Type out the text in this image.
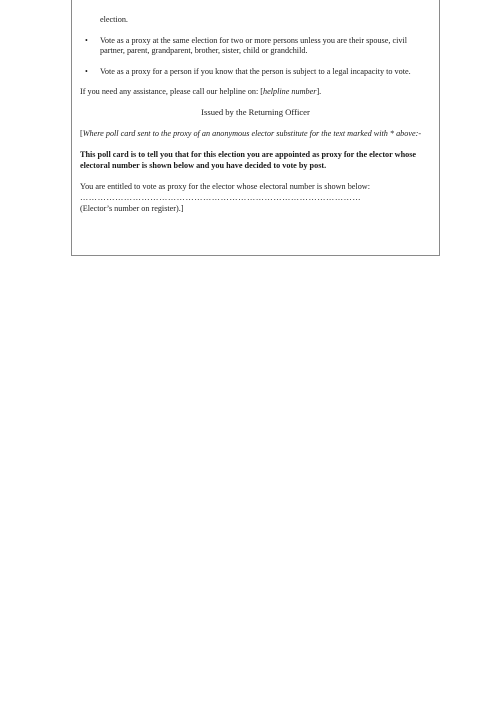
election.

• Vote as a proxy at the same election for two or more persons unless you are their spouse, civil partner, parent, grandparent, brother, sister, child or grandchild.
• Vote as a proxy for a person if you know that the person is subject to a legal incapacity to vote.

If you need any assistance, please call our helpline on: [helpline number].

Issued by the Returning Officer

[Where poll card sent to the proxy of an anonymous elector substitute for the text marked with * above:-

This poll card is to tell you that for this election you are appointed as proxy for the elector whose electoral number is shown below and you have decided to vote by post.

You are entitled to vote as proxy for the elector whose electoral number is shown below:

……………………………………………………………………………………

(Elector’s number on register).]
